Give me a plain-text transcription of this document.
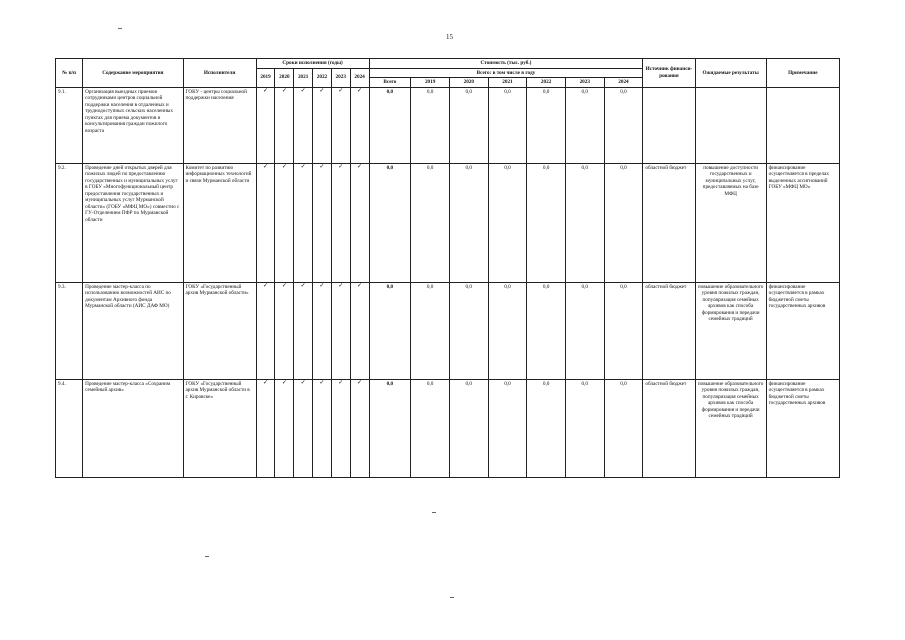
15
№ п/п	Содержание мероприятия	Исполнители	Сроки исполнения (годы)						Стоимость (тыс. руб.)							Источник финанси-рования	Ожидаемые результаты	Примечание
			2019	2020	2021	2022	2023	2024	Всего: в том числе в году									
									Всего	2019	2020	2021	2022	2023	2024			
9.1.	Организация выездных приемов сотрудниками центров социальной поддержки населения в отдаленных и труднодоступных сельских населенных пунктах для приема документов и консультирования граждан пожилого возраста	ГОКУ - центры социальной поддержки населения	✓	✓	✓	✓	✓	✓	0,0	0,0	0,0	0,0	0,0	0,0	0,0			
9.2.	Проведение дней открытых дверей для пожилых людей по предоставлению государственных и муниципальных услуг в ГОБУ «Многофункциональный центр предоставления государственных и муниципальных услуг Мурманской области» (ГОБУ «МФЦ МО») совместно с ГУ-Отделением ПФР по Мурманской области	Комитет по развитию информационных технологий и связи Мурманской области	✓	✓	✓	✓	✓	✓	0,0	0,0	0,0	0,0	0,0	0,0	0,0	областной бюджет	повышение доступности государственных и муниципальных услуг, предоставляемых на базе МФЦ	финансирование осуществляется в пределах выделенных ассигнований ГОБУ «МФЦ МО»
9.3.	Проведение мастер-класса по использованию возможностей АИС по документам Архивного фонда Мурманской области (АИС ДАФ МО)	ГОКУ «Государственный архив Мурманской области»	✓	✓	✓	✓	✓	✓	0,0	0,0	0,0	0,0	0,0	0,0	0,0	областной бюджет	повышение образовательного уровня пожилых граждан, популяризация семейных архивов как способа формирования и передачи семейных традиций	финансирование осуществляется в рамках бюджетной сметы государственных архивов
9.4.	Проведение мастер-класса «Сохраним семейный архив»	ГОКУ «Государственный архив Мурманской области в г. Кировске»	✓	✓	✓	✓	✓	✓	0,0	0,0	0,0	0,0	0,0	0,0	0,0	областной бюджет	повышение образовательного уровня пожилых граждан, популяризация семейных архивов как способа формирования и передачи семейных традиций	финансирование осуществляется в рамках бюджетной сметы государственных архивов
